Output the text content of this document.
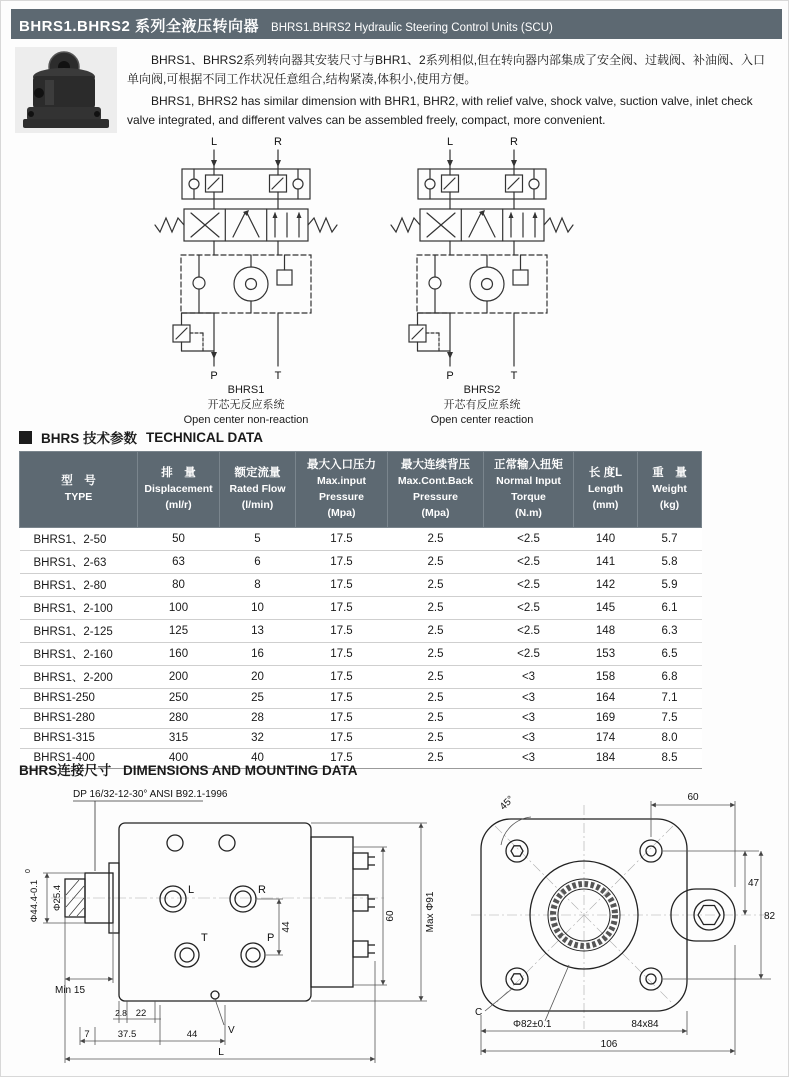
BHRS1.BHRS2 系列全液压转向器 BHRS1.BHRS2 Hydraulic Steering Control Units (SCU)

BHRS1、BHRS2系列转向器其安装尺寸与BHR1、2系列相似,但在转向器内部集成了安全阀、过载阀、补油阀、入口单向阀,可根据不同工作状况任意组合,结构紧凑,体积小,使用方便。

BHRS1, BHRS2 has similar dimension with BHR1, BHR2, with relief valve, shock valve, suction valve, inlet check valve integrated, and different valves can be assembled freely, compact, more convenient.

L	R
P	T
BHRS1
开芯无反应系统
Open center non-reaction
L	R
P	T
BHRS2
开芯有反应系统
Open center reaction
BHRS 技术参数 TECHNICAL DATA
型　号
TYPE

排　量
Displacement
(ml/r)

额定流量
Rated Flow
(l/min)

最大入口压力
Max.input
Pressure
(Mpa)

最大连续背压
Max.Cont.Back
Pressure
(Mpa)

正常输入扭矩
Normal Input
Torque
(N.m)

长 度L
Length
(mm)

重　量
Weight
(kg)

BHRS1、2-50	50	5	17.5	2.5	<2.5	140	5.7
BHRS1、2-63	63	6	17.5	2.5	<2.5	141	5.8
BHRS1、2-80	80	8	17.5	2.5	<2.5	142	5.9
BHRS1、2-100	100	10	17.5	2.5	<2.5	145	6.1
BHRS1、2-125	125	13	17.5	2.5	<2.5	148	6.3
BHRS1、2-160	160	16	17.5	2.5	<2.5	153	6.5
BHRS1、2-200	200	20	17.5	2.5	<3	158	6.8
BHRS1-250	250	25	17.5	2.5	<3	164	7.1
BHRS1-280	280	28	17.5	2.5	<3	169	7.5
BHRS1-315	315	32	17.5	2.5	<3	174	8.0
BHRS1-400	400	40	17.5	2.5	<3	184	8.5
BHRS连接尺寸 DIMENSIONS AND MOUNTING DATA
DP 16/32-12-30° ANSI B92.1-1996
L	R
T	P
Φ44.4-0.1
0
Φ25.4
Min 15
44
60	Max Φ91
2.8 22
V
7	37.5	44
L
45°	60
47
82
C
Φ82±0.1	84x84
106
